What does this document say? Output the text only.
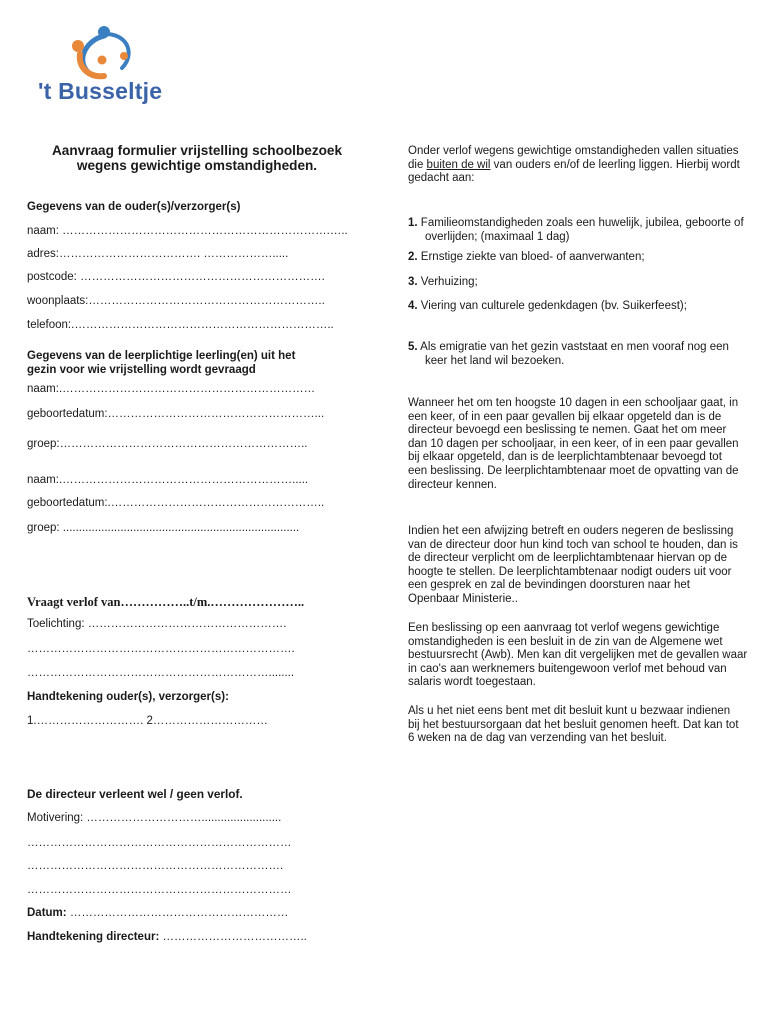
't Busseltje
Aanvraag formulier vrijstelling schoolbezoek
wegens gewichtige omstandigheden.
Gegevens van de ouder(s)/verzorger(s)
naam: …………………………………………………………….…..
adres:………………………………. ……………….....
postcode: ……………………………………………………….
woonplaats:……………………………………………………..
telefoon:.…………………………………………………………..
Gegevens van de leerplichtige leerling(en) uit het
gezin voor wie vrijstelling wordt gevraagd
naam:.…………………………………………………………
geboortedatum:………………………………………………...
groep:………………………………………………………..
naam:.…………………………………………………….....
geboortedatum:.………………………………………………..
groep: ..........................................................................
Vraagt verlof van……………..t/m.…………………..
Toelichting: …………………………………………….
…………………………………………………………….
………………………………………………………........
Handtekening ouder(s), verzorger(s):
1.………………………. 2…………………………
De directeur verleent wel / geen verlof.
Motivering: ………………………….........................
……………………………………………………………
………………………………………………………….
……………………………………………………………
Datum: …………………………………………………
Handtekening directeur: ………………………………..

Onder verlof wegens gewichtige omstandigheden vallen situaties die buiten de wil van ouders en/of de leerling liggen. Hierbij wordt gedacht aan:

1. Familieomstandigheden zoals een huwelijk, jubilea, geboorte of overlijden; (maximaal 1 dag)
2. Ernstige ziekte van bloed- of aanverwanten;
3. Verhuizing;
4. Viering van culturele gedenkdagen (bv. Suikerfeest);
5. Als emigratie van het gezin vaststaat en men vooraf nog een keer het land wil bezoeken.

Wanneer het om ten hoogste 10 dagen in een schooljaar gaat, in een keer, of in een paar gevallen bij elkaar opgeteld dan is de directeur bevoegd een beslissing te nemen. Gaat het om meer dan 10 dagen per schooljaar, in een keer, of in een paar gevallen bij elkaar opgeteld, dan is de leerplichtambtenaar bevoegd tot een beslissing. De leerplichtambtenaar moet de opvatting van de directeur kennen.

Indien het een afwijzing betreft en ouders negeren de beslissing van de directeur door hun kind toch van school te houden, dan is de directeur verplicht om de leerplichtambtenaar hiervan op de hoogte te stellen. De leerplichtambtenaar nodigt ouders uit voor een gesprek en zal de bevindingen doorsturen naar het Openbaar Ministerie..

Een beslissing op een aanvraag tot verlof wegens gewichtige omstandigheden is een besluit in de zin van de Algemene wet bestuursrecht (Awb). Men kan dit vergelijken met de gevallen waar in cao's aan werknemers buitengewoon verlof met behoud van salaris wordt toegestaan.

Als u het niet eens bent met dit besluit kunt u bezwaar indienen bij het bestuursorgaan dat het besluit genomen heeft. Dat kan tot 6 weken na de dag van verzending van het besluit.
